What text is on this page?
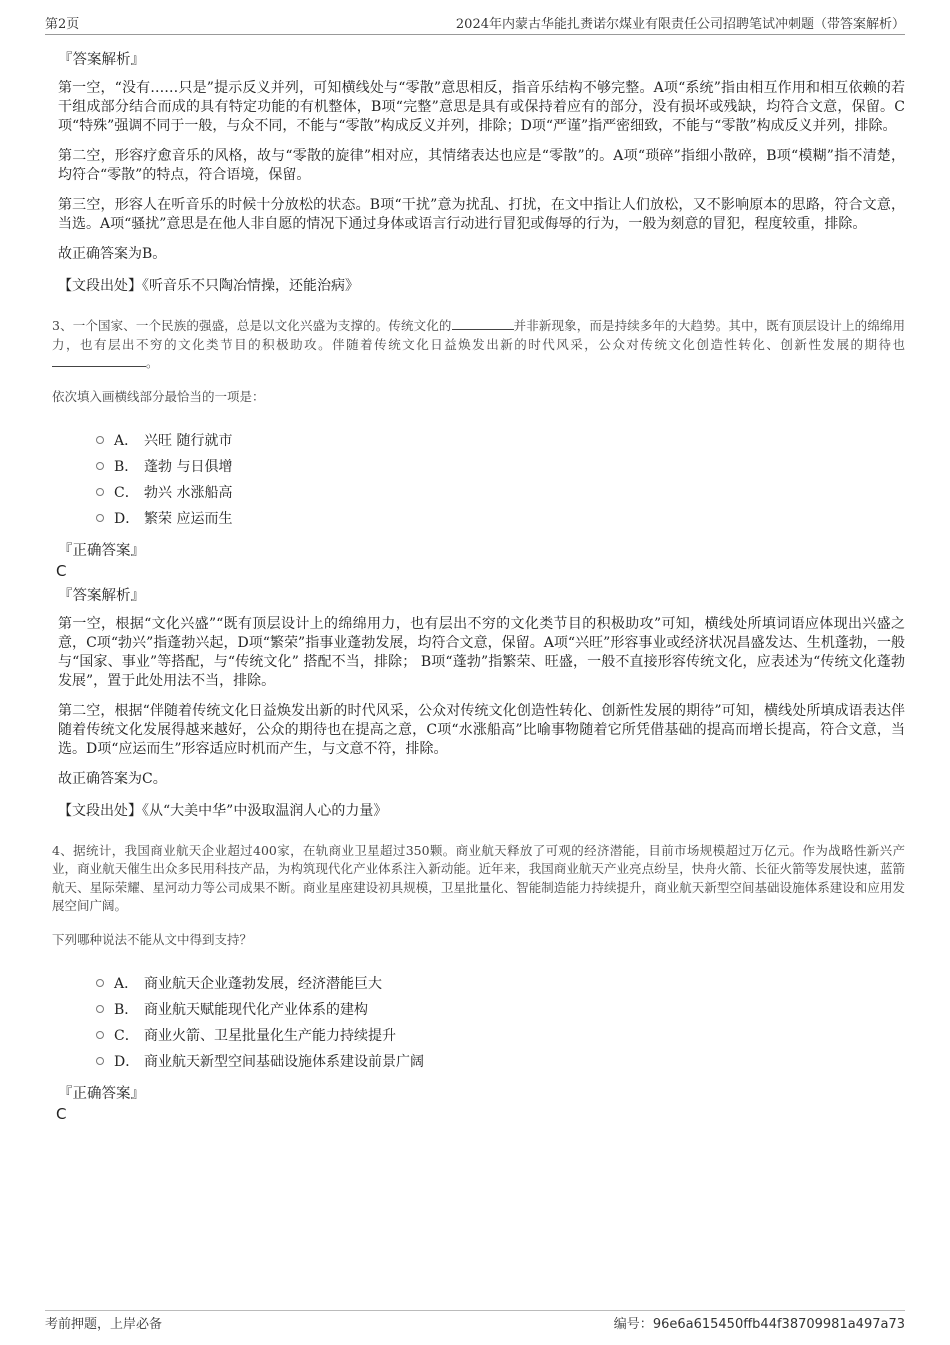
第2页	2024年内蒙古华能扎赉诺尔煤业有限责任公司招聘笔试冲刺题（带答案解析）
『答案解析』

第一空，“没有……只是”提示反义并列，可知横线处与“零散”意思相反，指音乐结构不够完整。A项“系统”指由相互作用和相互依赖的若干组成部分结合而成的具有特定功能的有机整体，B项“完整”意思是具有或保持着应有的部分，没有损坏或残缺，均符合文意，保留。C项“特殊”强调不同于一般，与众不同，不能与“零散”构成反义并列，排除；D项“严谨”指严密细致，不能与“零散”构成反义并列，排除。

第二空，形容疗愈音乐的风格，故与“零散的旋律”相对应，其情绪表达也应是“零散”的。A项“琐碎”指细小散碎，B项“模糊”指不清楚，均符合“零散”的特点，符合语境，保留。

第三空，形容人在听音乐的时候十分放松的状态。B项“干扰”意为扰乱、打扰，在文中指让人们放松，又不影响原本的思路，符合文意，当选。A项“骚扰”意思是在他人非自愿的情况下通过身体或语言行动进行冒犯或侮辱的行为，一般为刻意的冒犯，程度较重，排除。

故正确答案为B。

【文段出处】《听音乐不只陶冶情操，还能治病》

3、一个国家、一个民族的强盛，总是以文化兴盛为支撑的。传统文化的	并非新现象，而是持续多年的大趋势。其中，既有顶层设计上的绵绵用力，也有层出不穷的文化类节目的积极助攻。伴随着传统文化日益焕发出新的时代风采，公众对传统文化创造性转化、创新性发展的期待也。

依次填入画横线部分最恰当的一项是：

A． 兴旺 随行就市
B． 蓬勃 与日俱增
C． 勃兴 水涨船高
D． 繁荣 应运而生
『正确答案』
C
『答案解析』

第一空，根据“文化兴盛”“既有顶层设计上的绵绵用力，也有层出不穷的文化类节目的积极助攻”可知，横线处所填词语应体现出兴盛之意，C项“勃兴”指蓬勃兴起，D项“繁荣”指事业蓬勃发展，均符合文意，保留。A项“兴旺”形容事业或经济状况昌盛发达、生机蓬勃，一般与“国家、事业”等搭配，与“传统文化” 搭配不当，排除； B项“蓬勃”指繁荣、旺盛，一般不直接形容传统文化，应表述为“传统文化蓬勃发展”，置于此处用法不当，排除。

第二空，根据“伴随着传统文化日益焕发出新的时代风采，公众对传统文化创造性转化、创新性发展的期待”可知，横线处所填成语表达伴随着传统文化发展得越来越好，公众的期待也在提高之意，C项“水涨船高”比喻事物随着它所凭借基础的提高而增长提高，符合文意，当选。D项“应运而生”形容适应时机而产生，与文意不符，排除。

故正确答案为C。

【文段出处】《从“大美中华”中汲取温润人心的力量》

4、据统计，我国商业航天企业超过400家，在轨商业卫星超过350颗。商业航天释放了可观的经济潜能，目前市场规模超过万亿元。作为战略性新兴产业，商业航天催生出众多民用科技产品，为构筑现代化产业体系注入新动能。近年来，我国商业航天产业亮点纷呈，快舟火箭、长征火箭等发展快速，蓝箭航天、星际荣耀、星河动力等公司成果不断。商业星座建设初具规模，卫星批量化、智能制造能力持续提升，商业航天新型空间基础设施体系建设和应用发展空间广阔。

下列哪种说法不能从文中得到支持？

A． 商业航天企业蓬勃发展，经济潜能巨大
B． 商业航天赋能现代化产业体系的建构
C． 商业火箭、卫星批量化生产能力持续提升
D． 商业航天新型空间基础设施体系建设前景广阔
『正确答案』
C
考前押题，上岸必备	编号：96e6a615450ffb44f38709981a497a73
